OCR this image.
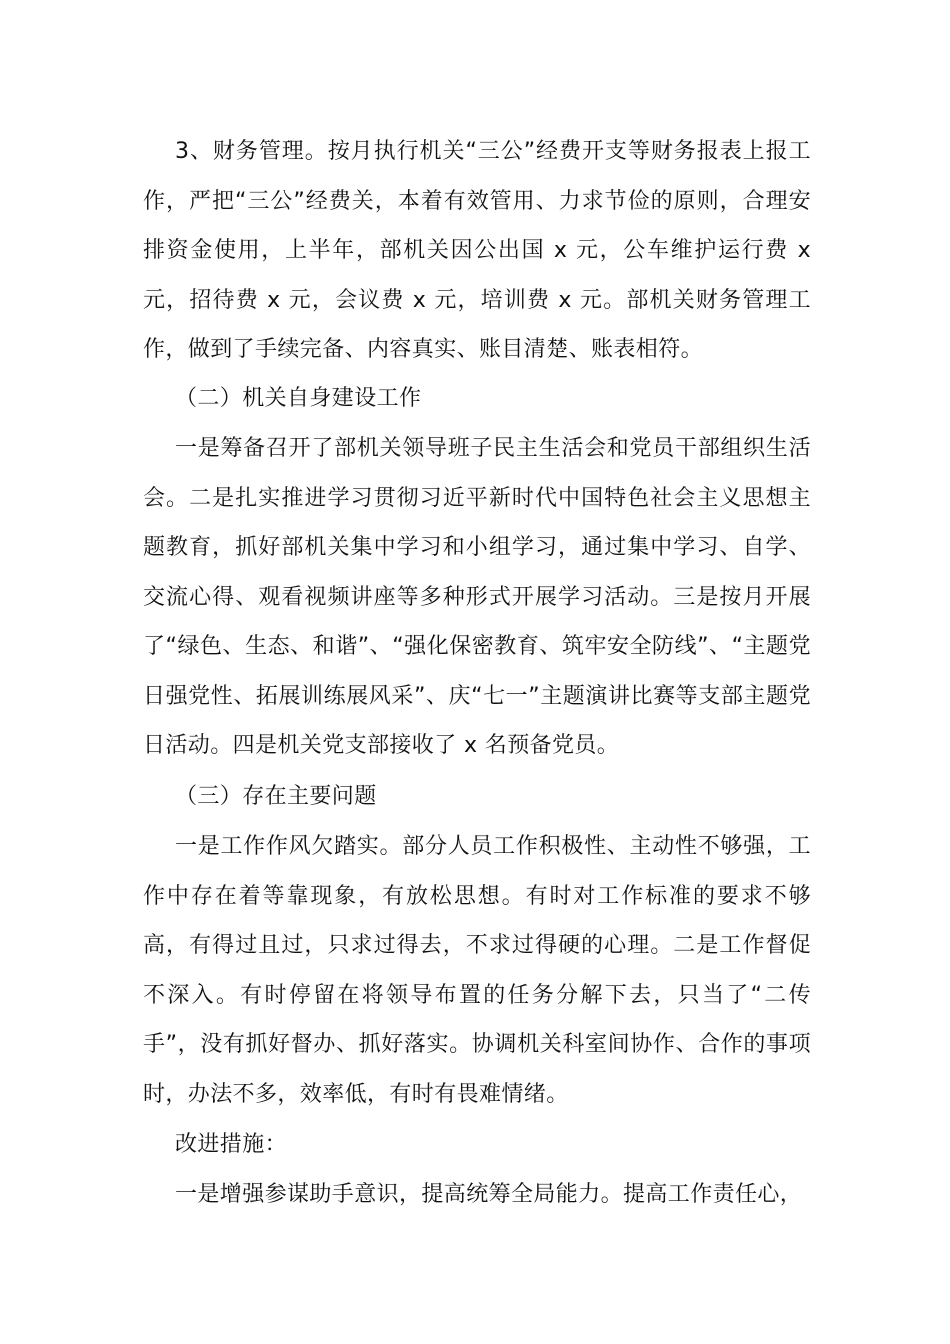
3、财务管理。按月执行机关“三公”经费开支等财务报表上报工作，严把“三公”经费关，本着有效管用、力求节俭的原则，合理安排资金使用，上半年，部机关因公出国 x 元，公车维护运行费 x 元，招待费 x 元，会议费 x 元，培训费 x 元。部机关财务管理工作，做到了手续完备、内容真实、账目清楚、账表相符。

（二）机关自身建设工作

一是筹备召开了部机关领导班子民主生活会和党员干部组织生活会。二是扎实推进学习贯彻习近平新时代中国特色社会主义思想主题教育，抓好部机关集中学习和小组学习，通过集中学习、自学、交流心得、观看视频讲座等多种形式开展学习活动。三是按月开展了“绿色、生态、和谐”、“强化保密教育、筑牢安全防线”、“主题党日强党性、拓展训练展风采”、庆“七一”主题演讲比赛等支部主题党日活动。四是机关党支部接收了 x 名预备党员。

（三）存在主要问题

一是工作作风欠踏实。部分人员工作积极性、主动性不够强，工作中存在着等靠现象，有放松思想。有时对工作标准的要求不够高，有得过且过，只求过得去，不求过得硬的心理。二是工作督促不深入。有时停留在将领导布置的任务分解下去，只当了“二传手”，没有抓好督办、抓好落实。协调机关科室间协作、合作的事项时，办法不多，效率低，有时有畏难情绪。

改进措施：

一是增强参谋助手意识，提高统筹全局能力。提高工作责任心，
